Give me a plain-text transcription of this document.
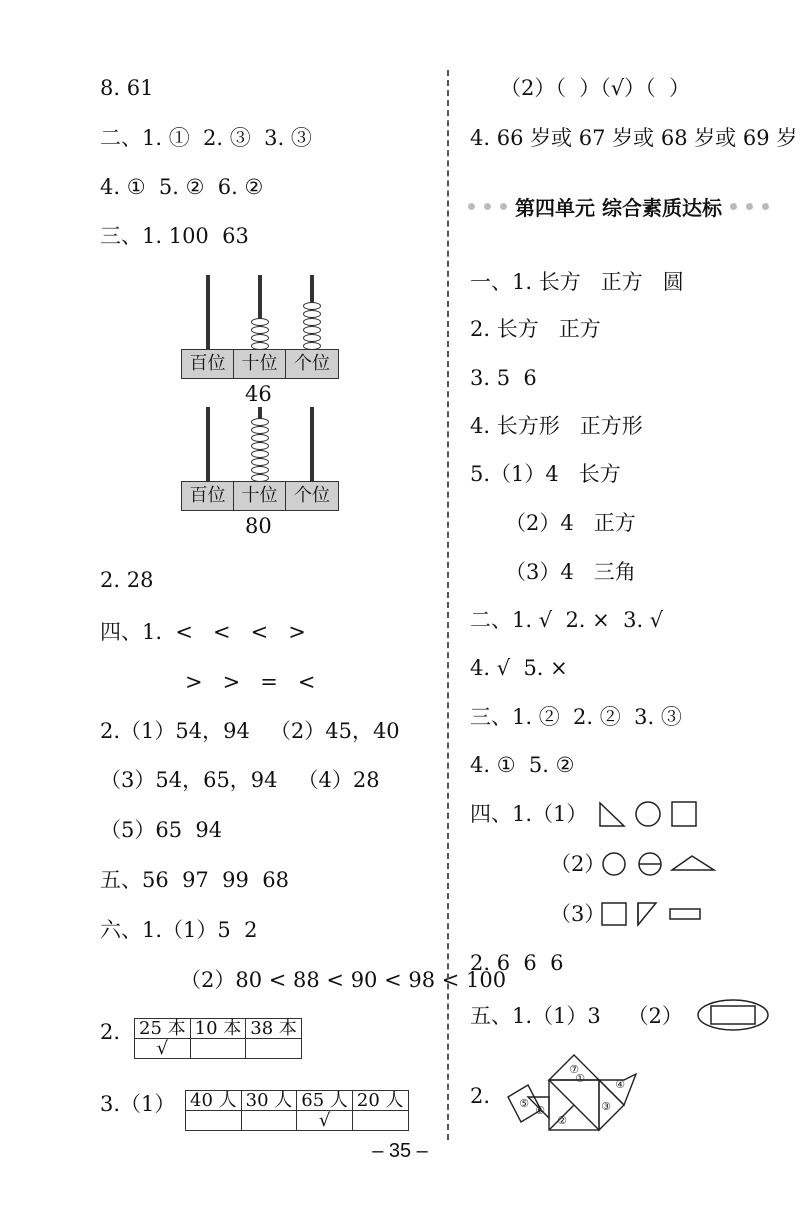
8. 61
二、1. ①  2. ③  3. ③
4. ①  5. ②  6. ②
三、1. 100  63
百位 十位 个位
46
百位 十位 个位
80
2. 28
四、1.  <   <   <   >
>   >   =   <
2.（1）54，94   （2）45，40
（3）54，65，94   （4）28
（5）65  94
五、56  97  99  68
六、1.（1）5  2
（2）80 < 88 < 90 < 98 < 100
2. 25 本	10 本	38 本
√		
3.（1） 40 人	30 人	65 人	20 人
		√	
（2）（  ）（√）（  ）
4. 66 岁或 67 岁或 68 岁或 69 岁
第四单元 综合素质达标
一、1. 长方   正方   圆
2. 长方   正方
3. 5  6
4. 长方形   正方形
5.（1）4   长方
（2）4   正方
（3）4   三角
二、1. √  2. ×  3. √
4. √  5. ×
三、1. ②  2. ②  3. ③
4. ①  5. ②
四、1.（1）
（2）
（3）
2. 6  6  6
五、1.（1）3    （2）
2.
①
②
③
④
⑤
⑥
⑦
– 35 –
